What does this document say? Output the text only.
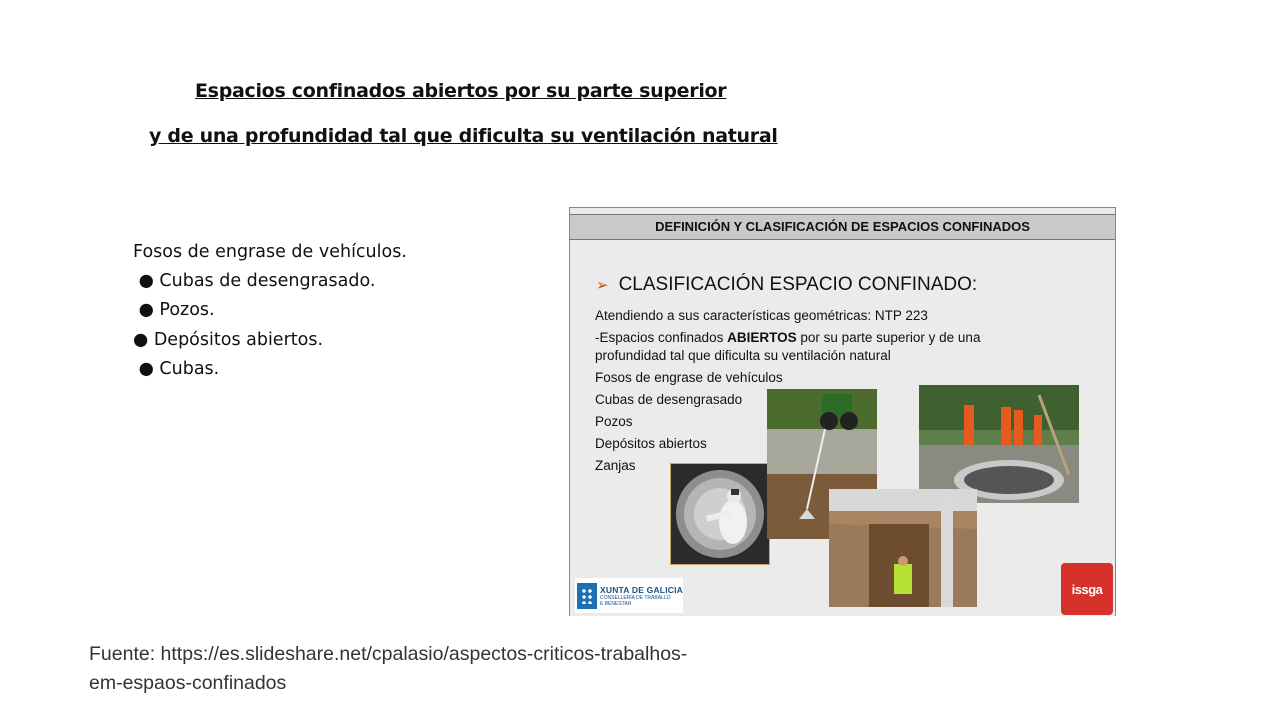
Espacios confinados abiertos por su parte superior
y de una profundidad tal que dificulta su ventilación natural
Fosos de engrase de vehículos.
● Cubas de desengrasado.
● Pozos.
● Depósitos abiertos.
● Cubas.
DEFINICIÓN Y CLASIFICACIÓN DE ESPACIOS CONFINADOS
➢ CLASIFICACIÓN ESPACIO CONFINADO:
Atendiendo a sus características geométricas: NTP 223
-Espacios confinados ABIERTOS por su parte superior y de una
profundidad tal que dificulta su ventilación natural
Fosos de engrase de vehículos
Cubas de desengrasado
Pozos
Depósitos abiertos
Zanjas
XUNTA DE GALICIA
CONSELLERÍA DE TRABALLO
E BENESTAR
issga

Fuente: https://es.slideshare.net/cpalasio/aspectos-criticos-trabalhos-em-espaos-confinados
